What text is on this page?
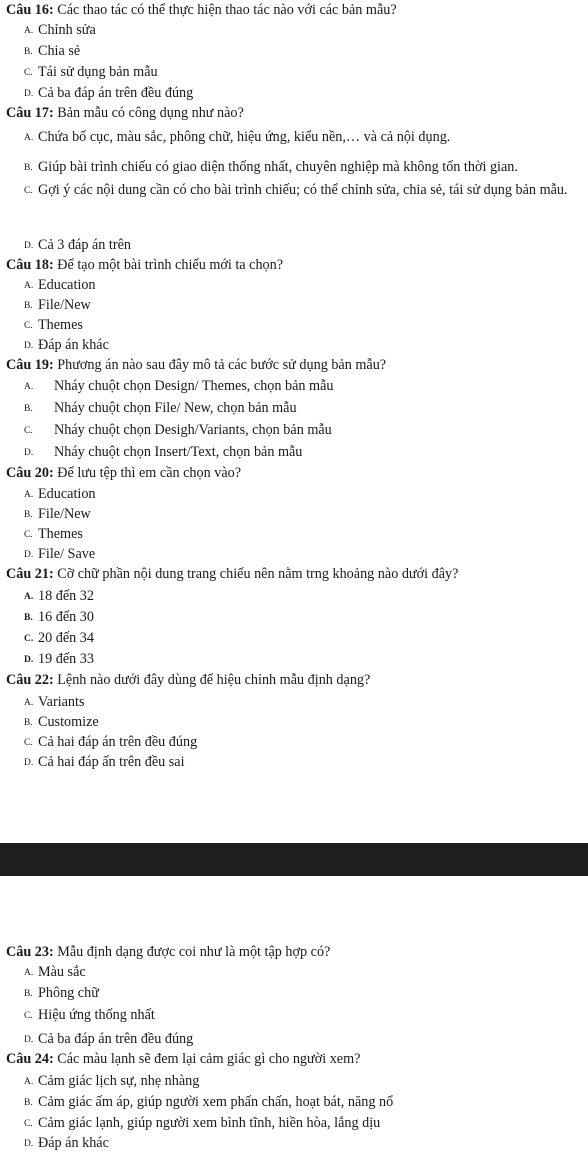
Câu 16: Các thao tác có thể thực hiện thao tác nào với các bản mẫu?
A. Chỉnh sửa
B. Chia sẻ
C. Tái sử dụng bản mẫu
D. Cả ba đáp án trên đều đúng
Câu 17: Bản mẫu có công dụng như nào?
A. Chứa bố cục, màu sắc, phông chữ, hiệu ứng, kiểu nền,… và cả nội dụng.
B. Giúp bài trình chiếu có giao diện thống nhất, chuyên nghiệp mà không tốn thời gian.
C. Gợi ý các nội dung cần có cho bài trình chiếu; có thể chỉnh sửa, chia sẻ, tái sử dụng bản mẫu.
D. Cả 3 đáp án trên
Câu 18: Để tạo một bài trình chiếu mới ta chọn?
A. Education
B. File/New
C. Themes
D. Đáp án khác
Câu 19: Phương án nào sau đây mô tả các bước sử dụng bản mẫu?
A. Nháy chuột chọn Design/ Themes, chọn bản mẫu
B. Nháy chuột chọn File/ New, chọn bản mẫu
C. Nháy chuột chọn Desigh/Variants, chọn bản mẫu
D. Nháy chuột chọn Insert/Text, chọn bản mẫu
Câu 20: Để lưu tệp thì em cần chọn vào?
A. Education
B. File/New
C. Themes
D. File/ Save
Câu 21: Cỡ chữ phần nội dung trang chiếu nên nằm trng khoảng nào dưới đây?
A. 18 đến 32
B. 16 đến 30
C. 20 đến 34
D. 19 đến 33
Câu 22: Lệnh nào dưới đây dùng để hiệu chỉnh mẫu định dạng?
A. Variants
B. Customize
C. Cả hai đáp án trên đều đúng
D. Cả hai đáp ấn trên đều sai
Câu 23: Mẫu định dạng được coi như là một tập hợp có?
A. Màu sắc
B. Phông chữ
C. Hiệu ứng thống nhất
D. Cả ba đáp án trên đều đúng
Câu 24: Các màu lạnh sẽ đem lại cảm giác gì cho người xem?
A. Cảm giác lịch sự, nhẹ nhàng
B. Cảm giác ấm áp, giúp người xem phấn chấn, hoạt bát, năng nổ
C. Cảm giác lạnh, giúp người xem bình tĩnh, hiền hòa, lắng dịu
D. Đáp án khác
